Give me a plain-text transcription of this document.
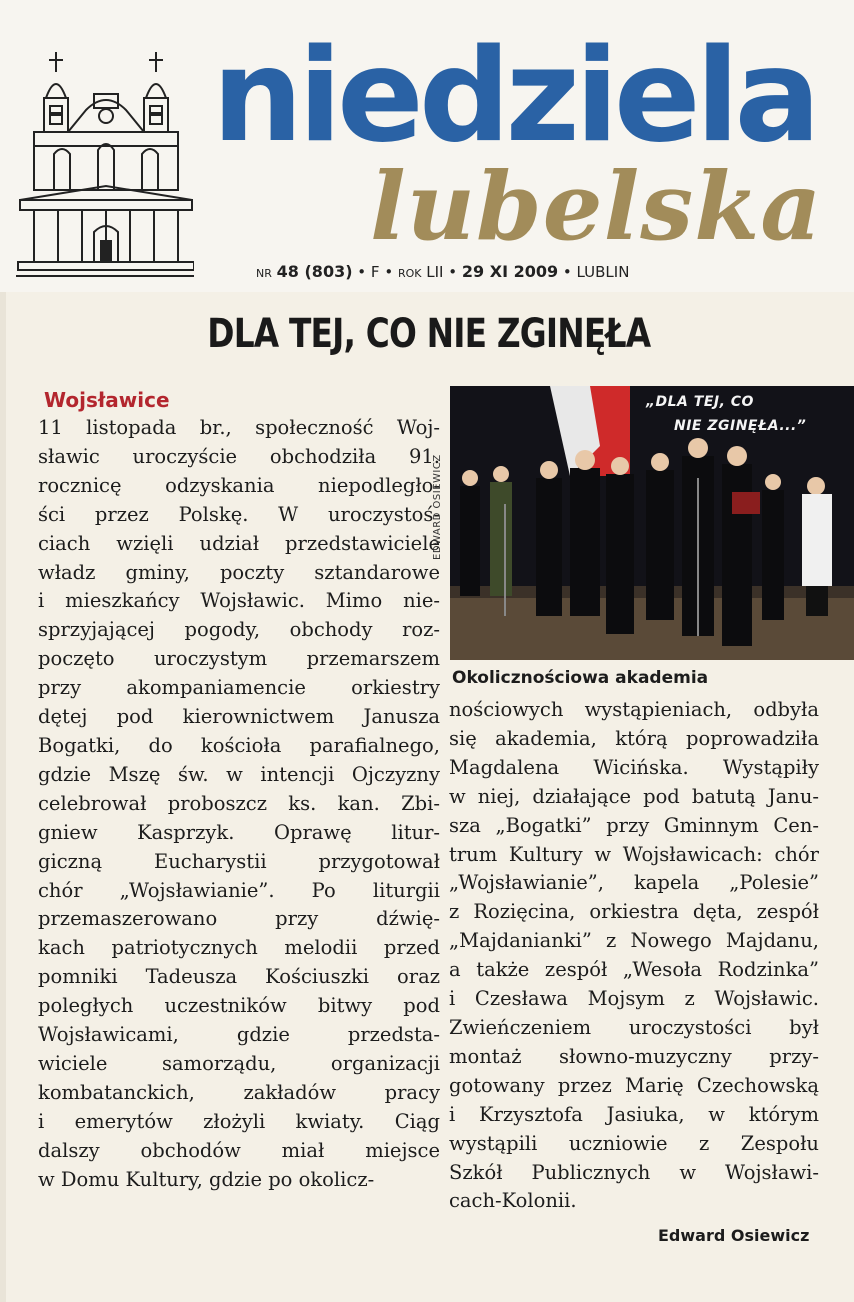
niedziela
lubelska
NR 48 (803) • F • ROK LII • 29 XI 2009 • LUBLIN
DLA TEJ, CO NIE ZGINĘŁA
Wojsławice
11 listopada br., społeczność Woj-
sławic uroczyście obchodziła 91.
rocznicę odzyskania niepodległo-
ści przez Polskę. W uroczystoś-
ciach wzięli udział przedstawiciele
władz gminy, poczty sztandarowe
i mieszkańcy Wojsławic. Mimo nie-
sprzyjającej pogody, obchody roz-
poczęto uroczystym przemarszem
przy akompaniamencie orkiestry
dętej pod kierownictwem Janusza
Bogatki, do kościoła parafialnego,
gdzie Mszę św. w intencji Ojczyzny
celebrował proboszcz ks. kan. Zbi-
gniew Kasprzyk. Oprawę litur-
giczną Eucharystii przygotował
chór „Wojsławianie”. Po liturgii
przemaszerowano przy dźwię-
kach patriotycznych melodii przed
pomniki Tadeusza Kościuszki oraz
poległych uczestników bitwy pod
Wojsławicami, gdzie przedsta-
wiciele samorządu, organizacji
kombatanckich, zakładów pracy
i emerytów złożyli kwiaty. Ciąg
dalszy obchodów miał miejsce
w Domu Kultury, gdzie po okolicz-
„DLA TEJ, CO
NIE ZGINĘŁA...”
EDWARD OSIEWICZ
Okolicznościowa akademia
nościowych wystąpieniach, odbyła
się akademia, którą poprowadziła
Magdalena Wicińska. Wystąpiły
w niej, działające pod batutą Janu-
sza „Bogatki” przy Gminnym Cen-
trum Kultury w Wojsławicach: chór
„Wojsławianie”, kapela „Polesie”
z Rozięcina, orkiestra dęta, zespół
„Majdanianki” z Nowego Majdanu,
a także zespół „Wesoła Rodzinka”
i Czesława Mojsym z Wojsławic.
Zwieńczeniem uroczystości był
montaż słowno-muzyczny przy-
gotowany przez Marię Czechowską
i Krzysztofa Jasiuka, w którym
wystąpili uczniowie z Zespołu
Szkół Publicznych w Wojsławi-
cach-Kolonii.
Edward Osiewicz
